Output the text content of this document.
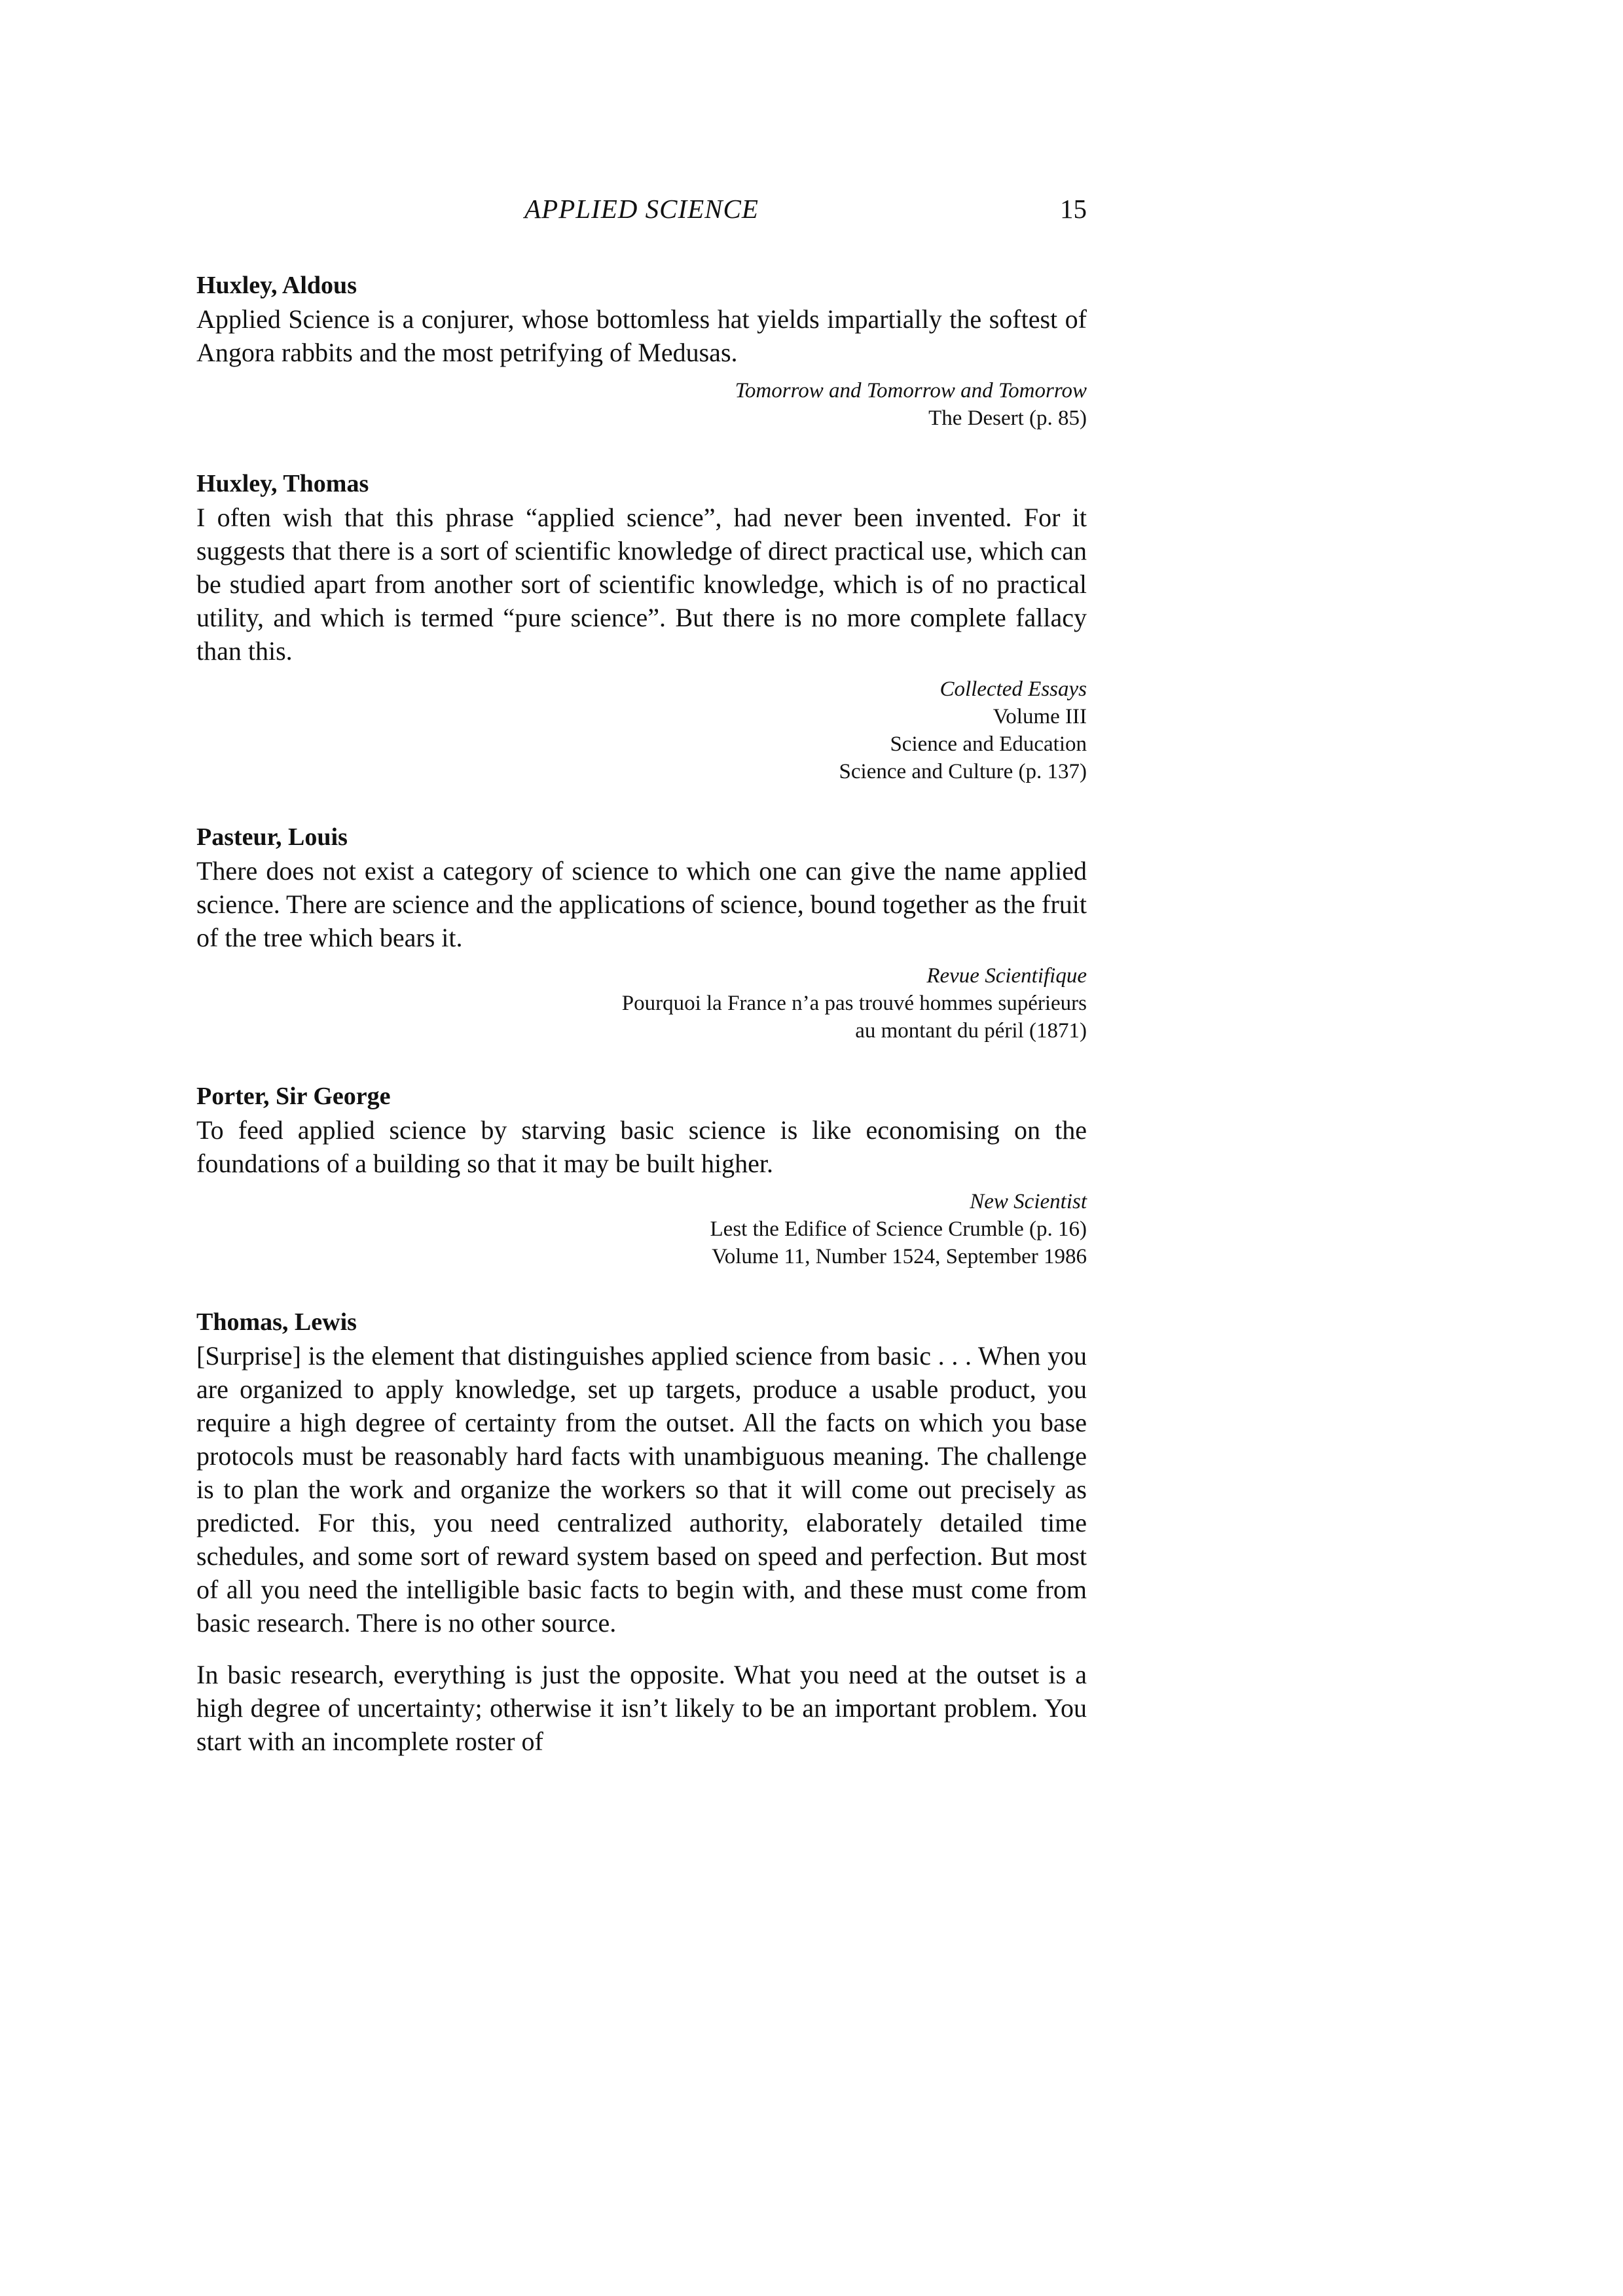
APPLIED SCIENCE	15

Huxley, Aldous

Applied Science is a conjurer, whose bottomless hat yields impartially the softest of Angora rabbits and the most petrifying of Medusas.

Tomorrow and Tomorrow and Tomorrow
The Desert (p. 85)

Huxley, Thomas

I often wish that this phrase “applied science”, had never been invented. For it suggests that there is a sort of scientific knowledge of direct practical use, which can be studied apart from another sort of scientific knowledge, which is of no practical utility, and which is termed “pure science”. But there is no more complete fallacy than this.

Collected Essays
Volume III
Science and Education
Science and Culture (p. 137)

Pasteur, Louis

There does not exist a category of science to which one can give the name applied science. There are science and the applications of science, bound together as the fruit of the tree which bears it.

Revue Scientifique
Pourquoi la France n’a pas trouvé hommes supérieurs
au montant du péril (1871)

Porter, Sir George

To feed applied science by starving basic science is like economising on the foundations of a building so that it may be built higher.

New Scientist
Lest the Edifice of Science Crumble (p. 16)
Volume 11, Number 1524, September 1986

Thomas, Lewis

[Surprise] is the element that distinguishes applied science from basic . . . When you are organized to apply knowledge, set up targets, produce a usable product, you require a high degree of certainty from the outset. All the facts on which you base protocols must be reasonably hard facts with unambiguous meaning. The challenge is to plan the work and organize the workers so that it will come out precisely as predicted. For this, you need centralized authority, elaborately detailed time schedules, and some sort of reward system based on speed and perfection. But most of all you need the intelligible basic facts to begin with, and these must come from basic research. There is no other source.

In basic research, everything is just the opposite. What you need at the outset is a high degree of uncertainty; otherwise it isn’t likely to be an important problem. You start with an incomplete roster of
